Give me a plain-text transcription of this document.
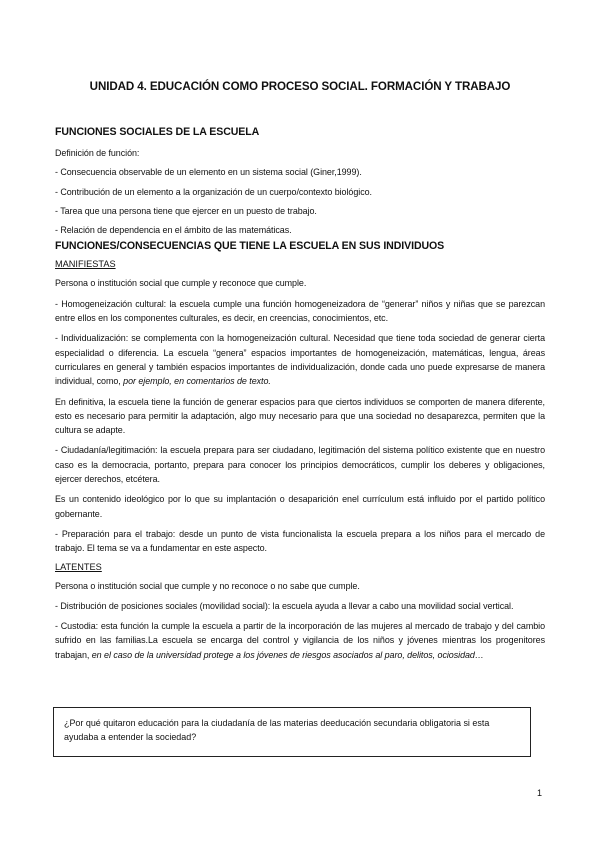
UNIDAD 4. EDUCACIÓN COMO PROCESO SOCIAL. FORMACIÓN Y TRABAJO
FUNCIONES SOCIALES DE LA ESCUELA

Definición de función:

- Consecuencia observable de un elemento en un sistema social (Giner,1999).

- Contribución de un elemento a la organización de un cuerpo/contexto biológico.

- Tarea que una persona tiene que ejercer en un puesto de trabajo.

- Relación de dependencia en el ámbito de las matemáticas.

FUNCIONES/CONSECUENCIAS QUE TIENE LA ESCUELA EN SUS INDIVIDUOS
MANIFIESTAS

Persona o institución social que cumple y reconoce que cumple.

- Homogeneización cultural: la escuela cumple una función homogeneizadora de “generar” niños y niñas que se parezcan entre ellos en los componentes culturales, es decir, en creencias, conocimientos, etc.

- Individualización: se complementa con la homogeneización cultural. Necesidad que tiene toda sociedad de generar cierta especialidad o diferencia. La escuela “genera” espacios importantes de homogeneización, matemáticas, lengua, áreas curriculares en general y también espacios importantes de individualización, donde cada uno puede expresarse de manera individual, como, por ejemplo, en comentarios de texto.

En definitiva, la escuela tiene la función de generar espacios para que ciertos individuos se comporten de manera diferente, esto es necesario para permitir la adaptación, algo muy necesario para que una sociedad no desaparezca, permiten que la cultura se adapte.

- Ciudadanía/legitimación: la escuela prepara para ser ciudadano, legitimación del sistema político existente que en nuestro caso es la democracia, portanto, prepara para conocer los principios democráticos, cumplir los deberes y obligaciones, ejercer derechos, etcétera.

Es un contenido ideológico por lo que su implantación o desaparición enel currículum está influido por el partido político gobernante.

- Preparación para el trabajo: desde un punto de vista funcionalista la escuela prepara a los niños para el mercado de trabajo. El tema se va a fundamentar en este aspecto.

LATENTES

Persona o institución social que cumple y no reconoce o no sabe que cumple.

- Distribución de posiciones sociales (movilidad social): la escuela ayuda a llevar a cabo una movilidad social vertical.

- Custodia: esta función la cumple la escuela a partir de la incorporación de las mujeres al mercado de trabajo y del cambio sufrido en las familias.La escuela se encarga del control y vigilancia de los niños y jóvenes mientras los progenitores trabajan, en el caso de la universidad protege a los jóvenes de riesgos asociados al paro, delitos, ociosidad…

¿Por qué quitaron educación para la ciudadanía de las materias deeducación secundaria obligatoria si esta ayudaba a entender la sociedad?
1
